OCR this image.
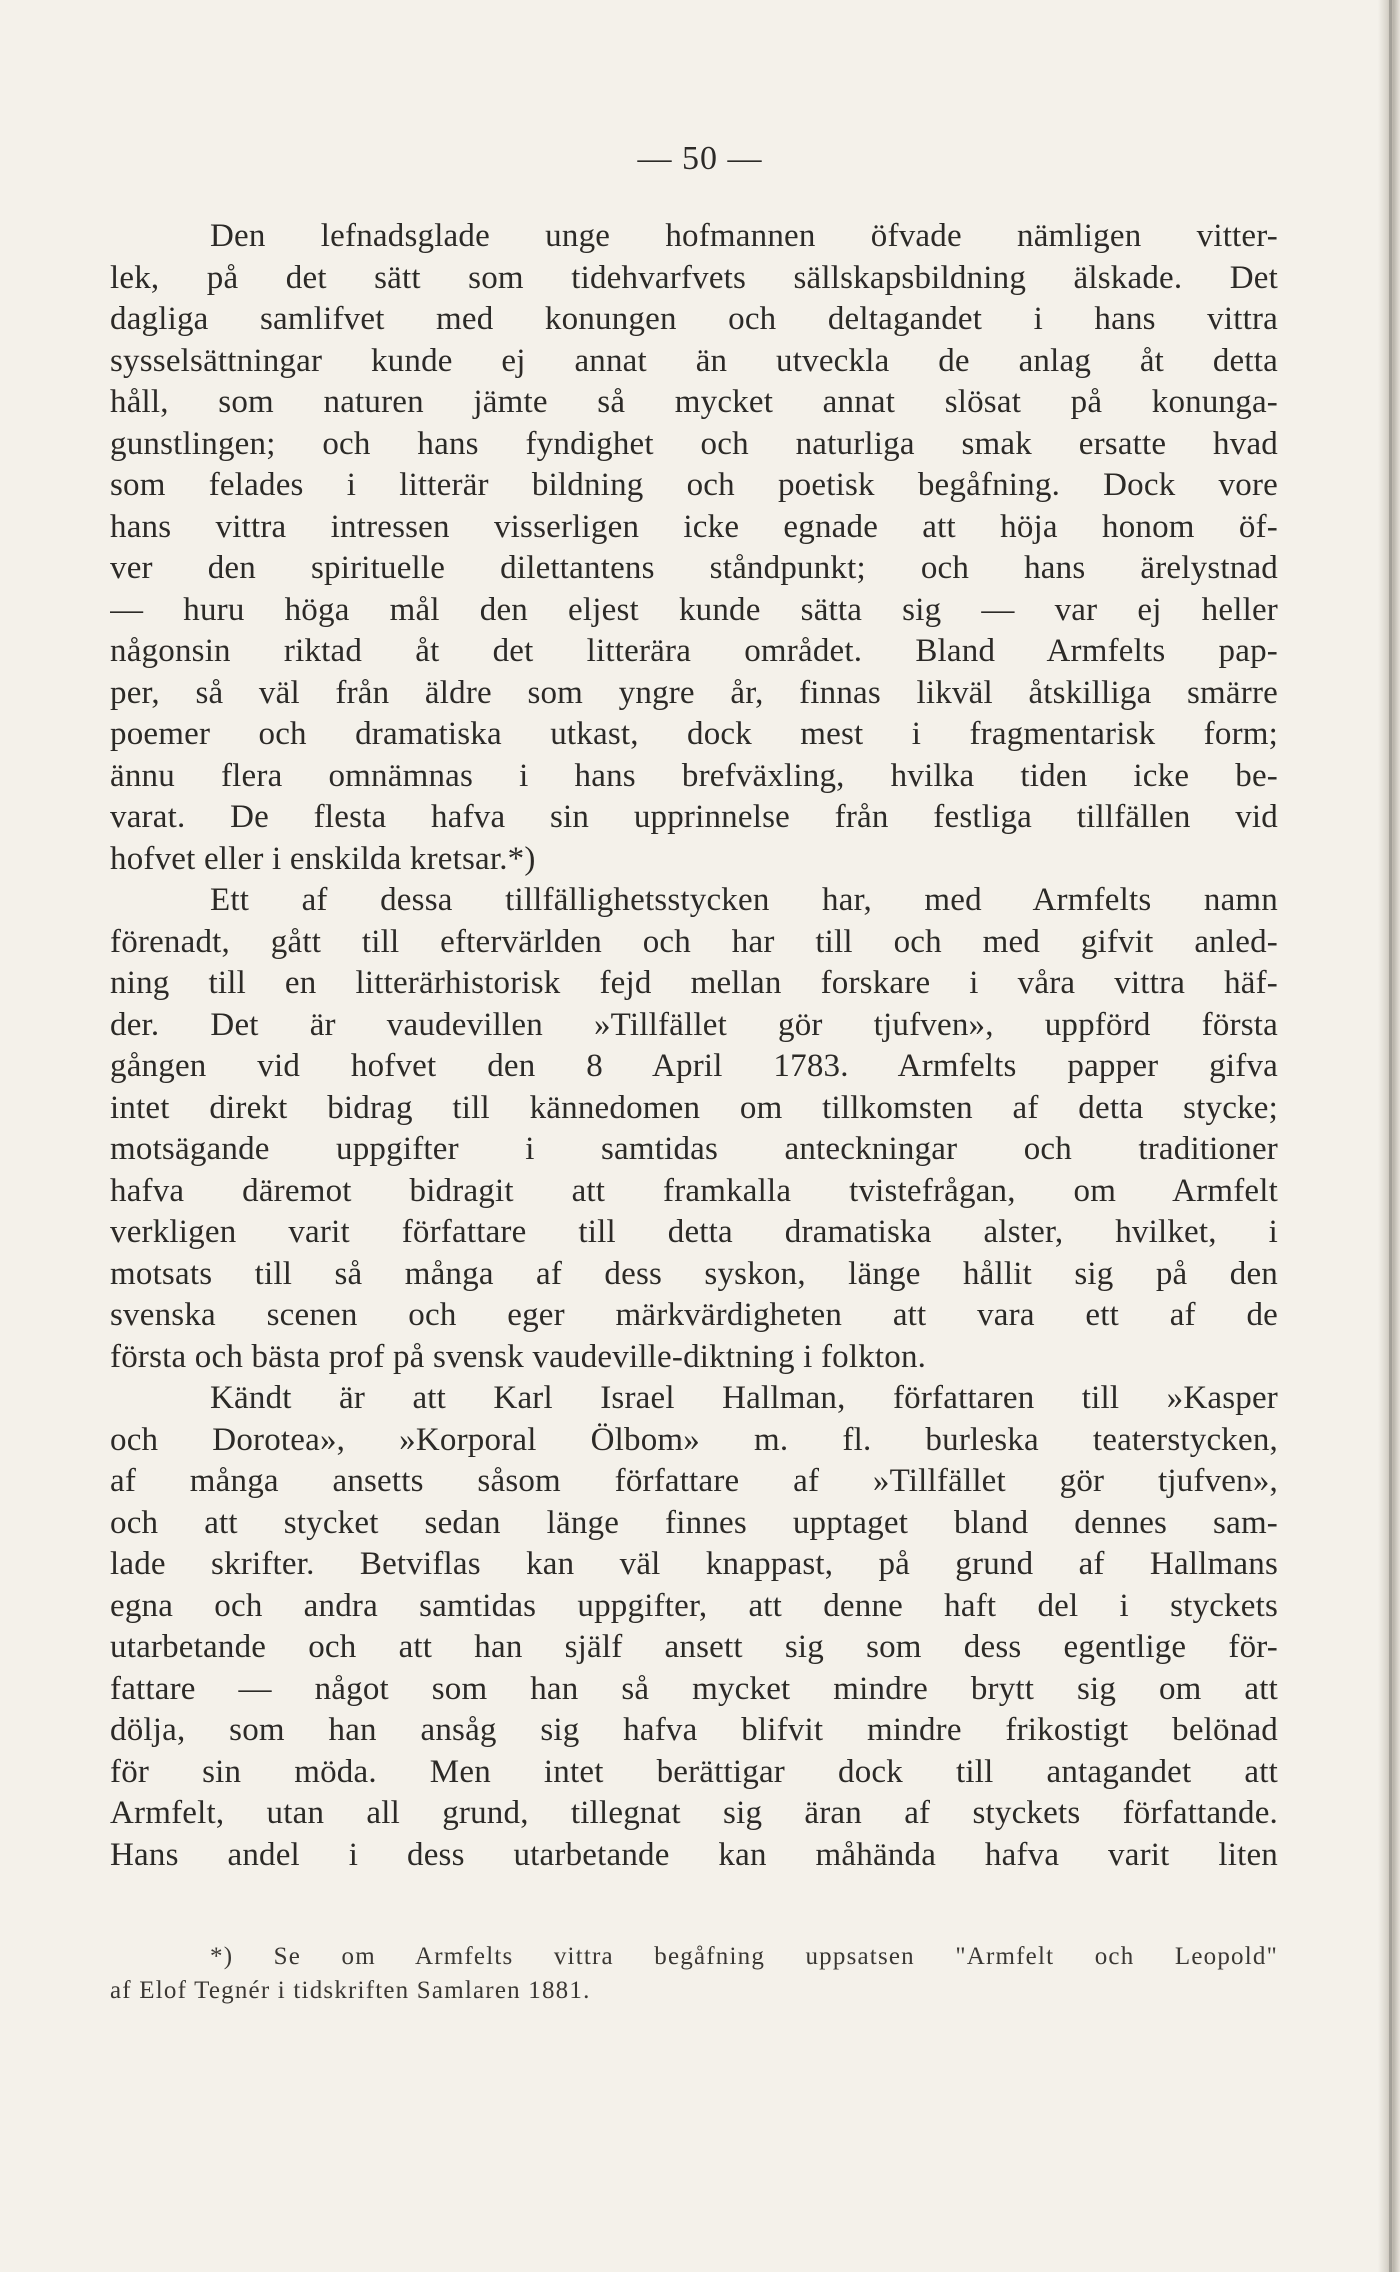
— 50 —
Den lefnadsglade unge hofmannen öfvade nämligen vitter-
lek, på det sätt som tidehvarfvets sällskapsbildning älskade. Det
dagliga samlifvet med konungen och deltagandet i hans vittra
sysselsättningar kunde ej annat än utveckla de anlag åt detta
håll, som naturen jämte så mycket annat slösat på konunga-
gunstlingen; och hans fyndighet och naturliga smak ersatte hvad
som felades i litterär bildning och poetisk begåfning. Dock vore
hans vittra intressen visserligen icke egnade att höja honom öf-
ver den spirituelle dilettantens ståndpunkt; och hans ärelystnad
— huru höga mål den eljest kunde sätta sig — var ej heller
någonsin riktad åt det litterära området. Bland Armfelts pap-
per, så väl från äldre som yngre år, finnas likväl åtskilliga smärre
poemer och dramatiska utkast, dock mest i fragmentarisk form;
ännu flera omnämnas i hans brefväxling, hvilka tiden icke be-
varat. De flesta hafva sin upprinnelse från festliga tillfällen vid
hofvet eller i enskilda kretsar.*)
Ett af dessa tillfällighetsstycken har, med Armfelts namn
förenadt, gått till eftervärlden och har till och med gifvit anled-
ning till en litterärhistorisk fejd mellan forskare i våra vittra häf-
der. Det är vaudevillen »Tillfället gör tjufven», uppförd första
gången vid hofvet den 8 April 1783. Armfelts papper gifva
intet direkt bidrag till kännedomen om tillkomsten af detta stycke;
motsägande uppgifter i samtidas anteckningar och traditioner
hafva däremot bidragit att framkalla tvistefrågan, om Armfelt
verkligen varit författare till detta dramatiska alster, hvilket, i
motsats till så många af dess syskon, länge hållit sig på den
svenska scenen och eger märkvärdigheten att vara ett af de
första och bästa prof på svensk vaudeville-diktning i folkton.
Kändt är att Karl Israel Hallman, författaren till »Kasper
och Dorotea», »Korporal Ölbom» m. fl. burleska teaterstycken,
af många ansetts såsom författare af »Tillfället gör tjufven»,
och att stycket sedan länge finnes upptaget bland dennes sam-
lade skrifter. Betviflas kan väl knappast, på grund af Hallmans
egna och andra samtidas uppgifter, att denne haft del i styckets
utarbetande och att han själf ansett sig som dess egentlige för-
fattare — något som han så mycket mindre brytt sig om att
dölja, som han ansåg sig hafva blifvit mindre frikostigt belönad
för sin möda. Men intet berättigar dock till antagandet att
Armfelt, utan all grund, tillegnat sig äran af styckets författande.
Hans andel i dess utarbetande kan måhända hafva varit liten
*) Se om Armfelts vittra begåfning uppsatsen "Armfelt och Leopold"
af Elof Tegnér i tidskriften Samlaren 1881.
